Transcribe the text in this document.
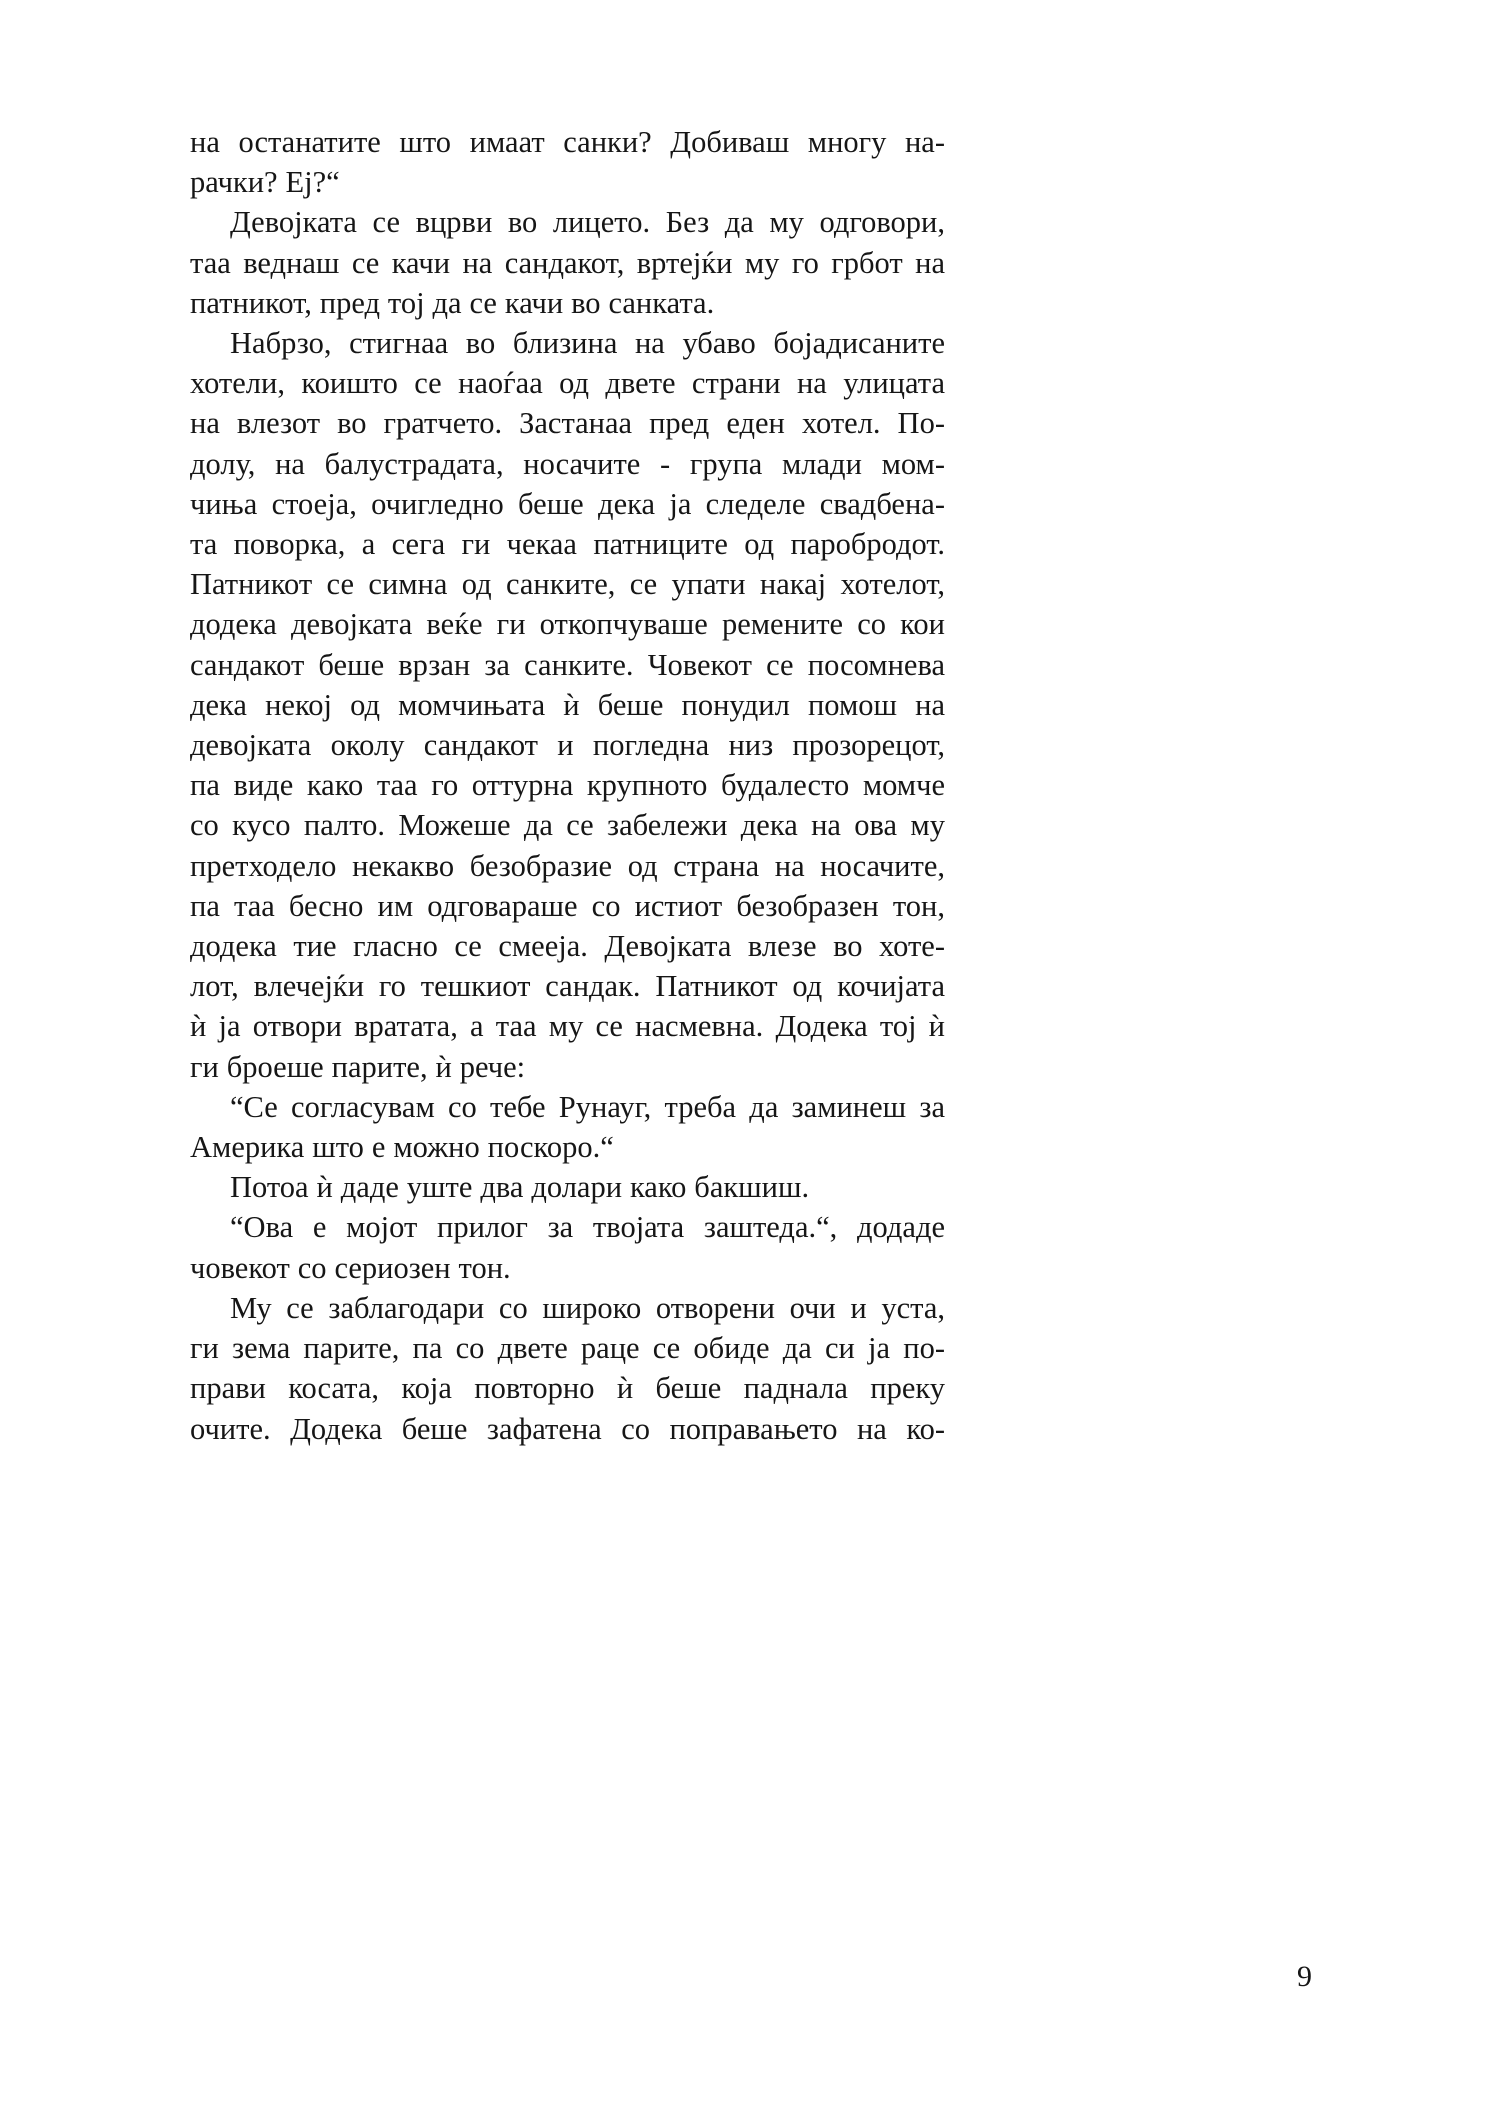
на останатите што имаат санки? Добиваш многу на-
рачки? Еј?“
Девојката се вцрви во лицето. Без да му одговори,
таа веднаш се качи на сандакот, вртејќи му го грбот на
патникот, пред тој да се качи во санката.
Набрзо, стигнаа во близина на убаво бојадисаните
хотели, коишто се наоѓаа од двете страни на улицата
на влезот во гратчето. Застанаа пред еден хотел. По-
долу, на балустрадата, носачите - група млади мом-
чиња стоеја, очигледно беше дека ја следеле свадбена-
та поворка, а сега ги чекаа патниците од паробродот.
Патникот се симна од санките, се упати накај хотелот,
додека девојката веќе ги откопчуваше ремените со кои
сандакот беше врзан за санките. Човекот се посомнева
дека некој од момчињата ѝ беше понудил помош на
девојката околу сандакот и погледна низ прозорецот,
па виде како таа го оттурна крупното будалесто момче
со кусо палто. Можеше да се забележи дека на ова му
претходело некакво безобразие од страна на носачите,
па таа бесно им одговараше со истиот безобразен тон,
додека тие гласно се смееја. Девојката влезе во хоте-
лот, влечејќи го тешкиот сандак. Патникот од кочијата
ѝ ја отвори вратата, а таа му се насмевна. Додека тој ѝ
ги броеше парите, ѝ рече:
“Се согласувам со тебе Рунауг, треба да заминеш за
Америка што е можно поскоро.“
Потоа ѝ даде уште два долари како бакшиш.
“Ова е мојот прилог за твојата заштеда.“, додаде
човекот со сериозен тон.
Му се заблагодари со широко отворени очи и уста,
ги зема парите, па со двете раце се обиде да си ја по-
прави косата, која повторно ѝ беше паднала преку
очите. Додека беше зафатена со поправањето на ко-
9
